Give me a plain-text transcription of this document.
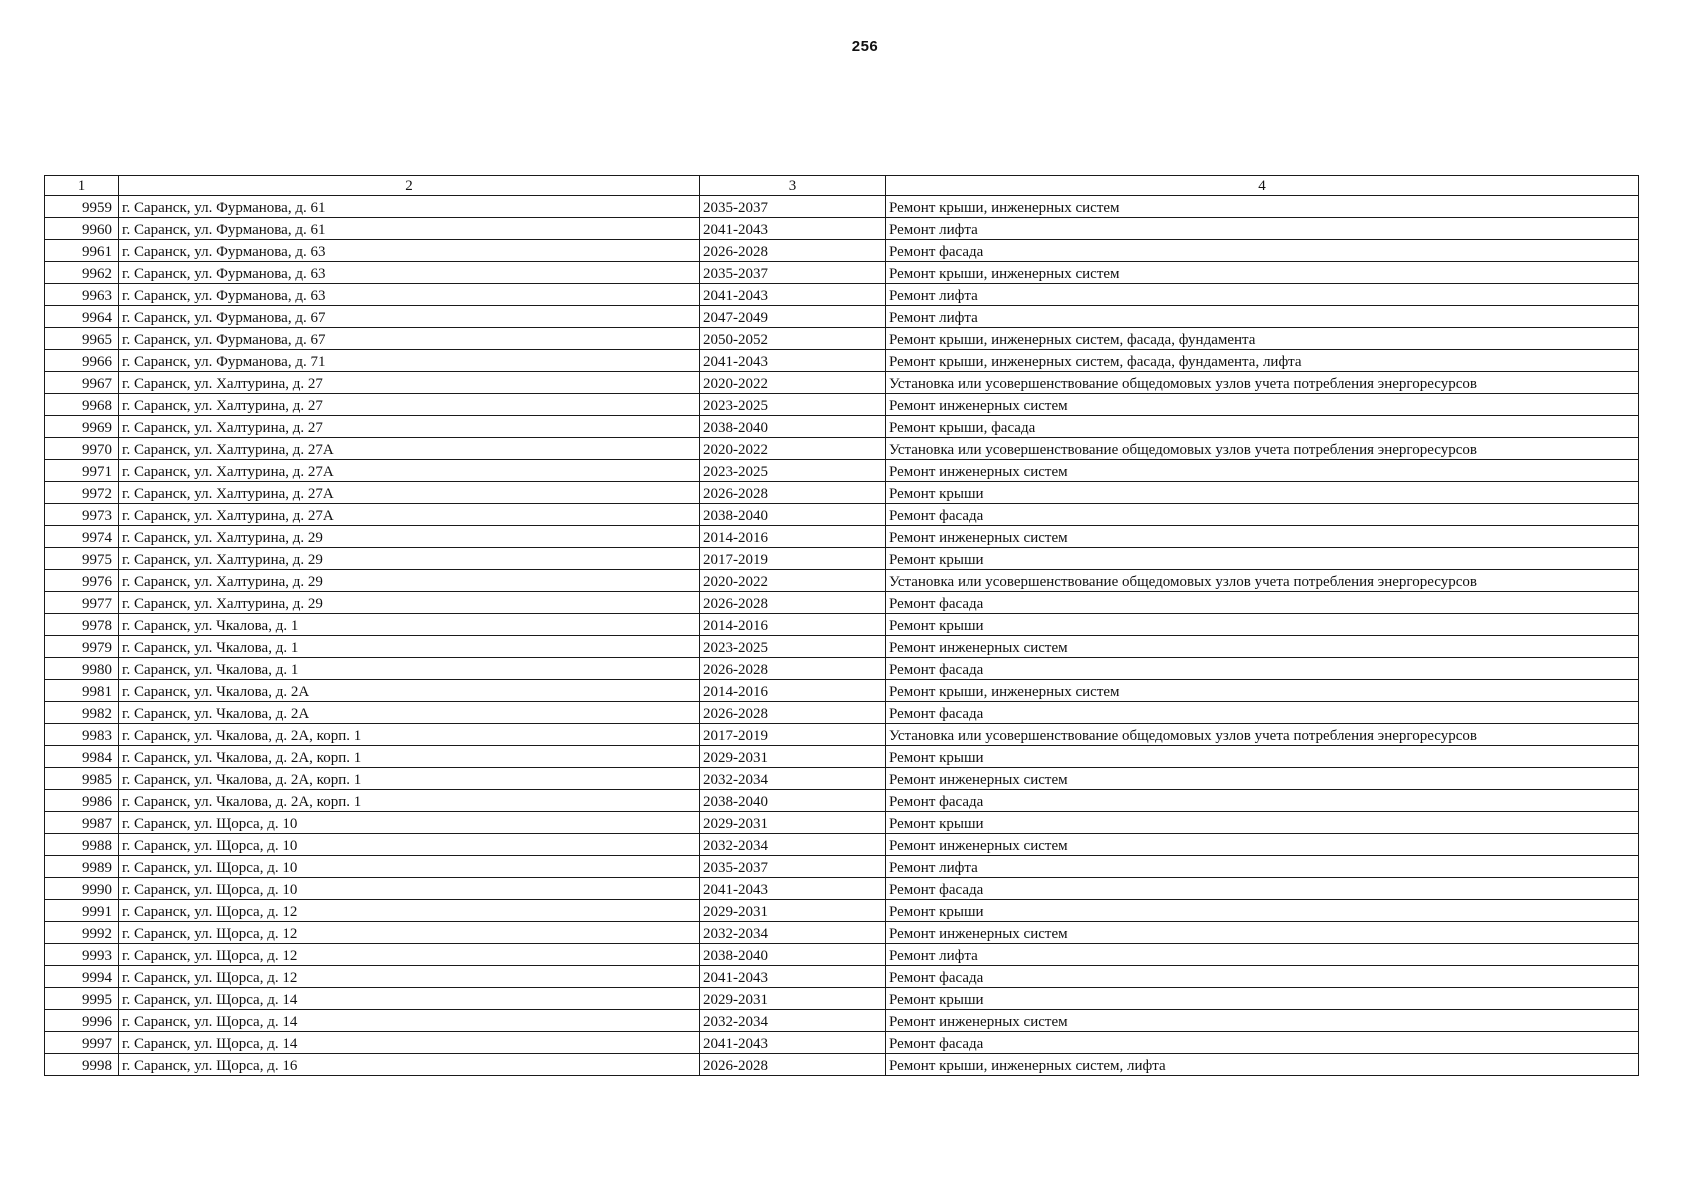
256
1	2	3	4
9959	г. Саранск, ул. Фурманова, д. 61	2035-2037	Ремонт крыши, инженерных систем
9960	г. Саранск, ул. Фурманова, д. 61	2041-2043	Ремонт лифта
9961	г. Саранск, ул. Фурманова, д. 63	2026-2028	Ремонт фасада
9962	г. Саранск, ул. Фурманова, д. 63	2035-2037	Ремонт крыши, инженерных систем
9963	г. Саранск, ул. Фурманова, д. 63	2041-2043	Ремонт лифта
9964	г. Саранск, ул. Фурманова, д. 67	2047-2049	Ремонт лифта
9965	г. Саранск, ул. Фурманова, д. 67	2050-2052	Ремонт крыши, инженерных систем, фасада, фундамента
9966	г. Саранск, ул. Фурманова, д. 71	2041-2043	Ремонт крыши, инженерных систем, фасада, фундамента, лифта
9967	г. Саранск, ул. Халтурина, д. 27	2020-2022	Установка или усовершенствование общедомовых узлов учета потребления энергоресурсов
9968	г. Саранск, ул. Халтурина, д. 27	2023-2025	Ремонт инженерных систем
9969	г. Саранск, ул. Халтурина, д. 27	2038-2040	Ремонт крыши, фасада
9970	г. Саранск, ул. Халтурина, д. 27А	2020-2022	Установка или усовершенствование общедомовых узлов учета потребления энергоресурсов
9971	г. Саранск, ул. Халтурина, д. 27А	2023-2025	Ремонт инженерных систем
9972	г. Саранск, ул. Халтурина, д. 27А	2026-2028	Ремонт крыши
9973	г. Саранск, ул. Халтурина, д. 27А	2038-2040	Ремонт фасада
9974	г. Саранск, ул. Халтурина, д. 29	2014-2016	Ремонт инженерных систем
9975	г. Саранск, ул. Халтурина, д. 29	2017-2019	Ремонт крыши
9976	г. Саранск, ул. Халтурина, д. 29	2020-2022	Установка или усовершенствование общедомовых узлов учета потребления энергоресурсов
9977	г. Саранск, ул. Халтурина, д. 29	2026-2028	Ремонт фасада
9978	г. Саранск, ул. Чкалова, д. 1	2014-2016	Ремонт крыши
9979	г. Саранск, ул. Чкалова, д. 1	2023-2025	Ремонт инженерных систем
9980	г. Саранск, ул. Чкалова, д. 1	2026-2028	Ремонт фасада
9981	г. Саранск, ул. Чкалова, д. 2А	2014-2016	Ремонт крыши, инженерных систем
9982	г. Саранск, ул. Чкалова, д. 2А	2026-2028	Ремонт фасада
9983	г. Саранск, ул. Чкалова, д. 2А, корп. 1	2017-2019	Установка или усовершенствование общедомовых узлов учета потребления энергоресурсов
9984	г. Саранск, ул. Чкалова, д. 2А, корп. 1	2029-2031	Ремонт крыши
9985	г. Саранск, ул. Чкалова, д. 2А, корп. 1	2032-2034	Ремонт инженерных систем
9986	г. Саранск, ул. Чкалова, д. 2А, корп. 1	2038-2040	Ремонт фасада
9987	г. Саранск, ул. Щорса, д. 10	2029-2031	Ремонт крыши
9988	г. Саранск, ул. Щорса, д. 10	2032-2034	Ремонт инженерных систем
9989	г. Саранск, ул. Щорса, д. 10	2035-2037	Ремонт лифта
9990	г. Саранск, ул. Щорса, д. 10	2041-2043	Ремонт фасада
9991	г. Саранск, ул. Щорса, д. 12	2029-2031	Ремонт крыши
9992	г. Саранск, ул. Щорса, д. 12	2032-2034	Ремонт инженерных систем
9993	г. Саранск, ул. Щорса, д. 12	2038-2040	Ремонт лифта
9994	г. Саранск, ул. Щорса, д. 12	2041-2043	Ремонт фасада
9995	г. Саранск, ул. Щорса, д. 14	2029-2031	Ремонт крыши
9996	г. Саранск, ул. Щорса, д. 14	2032-2034	Ремонт инженерных систем
9997	г. Саранск, ул. Щорса, д. 14	2041-2043	Ремонт фасада
9998	г. Саранск, ул. Щорса, д. 16	2026-2028	Ремонт крыши, инженерных систем, лифта
